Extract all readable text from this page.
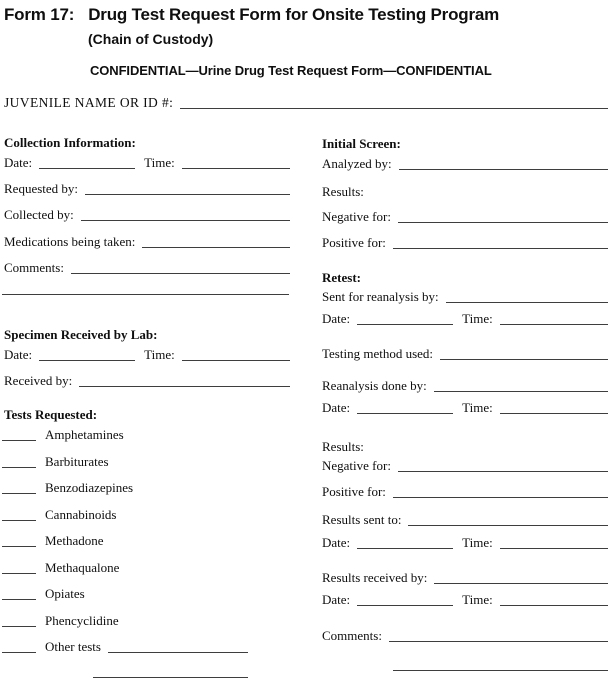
Form 17: Drug Test Request Form for Onsite Testing Program
(Chain of Custody)
CONFIDENTIAL—Urine Drug Test Request Form—CONFIDENTIAL
JUVENILE NAME OR ID #:
Collection Information:
Date:	Time:
Requested by:
Collected by:
Medications being taken:
Comments:
Specimen Received by Lab:
Date:	Time:
Received by:
Tests Requested:
Amphetamines
Barbiturates
Benzodiazepines
Cannabinoids
Methadone
Methaqualone
Opiates
Phencyclidine
Other tests
Initial Screen:
Analyzed by:
Results:
Negative for:
Positive for:
Retest:
Sent for reanalysis by:
Date:	Time:
Testing method used:
Reanalysis done by:
Date:	Time:
Results:
Negative for:
Positive for:
Results sent to:
Date:	Time:
Results received by:
Date:	Time:
Comments:
